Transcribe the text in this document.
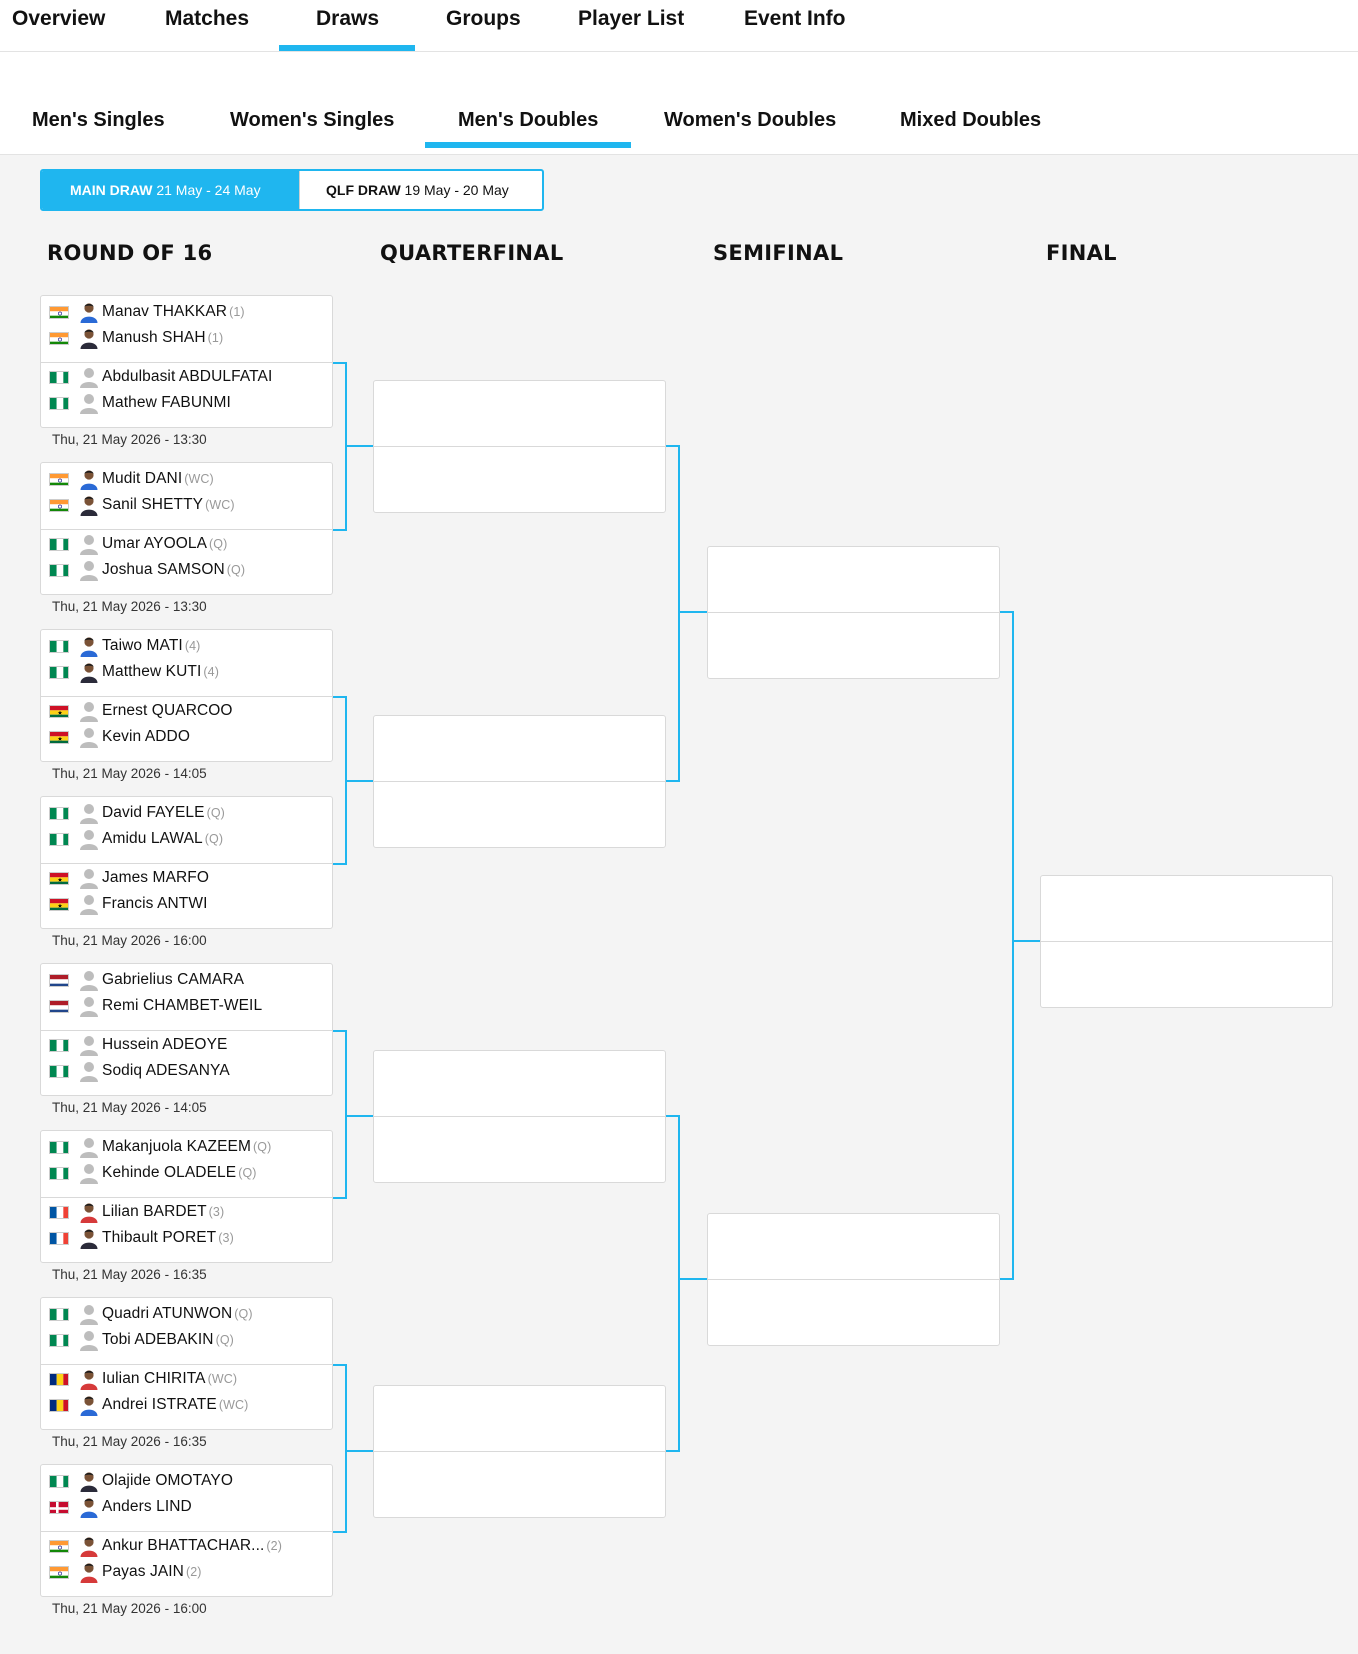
Overview	Matches	Draws	Groups	Player List	Event Info
Men's Singles	Women's Singles	Men's Doubles	Women's Doubles	Mixed Doubles
MAIN DRAW 21 May - 24 May	QLF DRAW 19 May - 20 May
ROUND OF 16	QUARTERFINAL	SEMIFINAL	FINAL
Manav THAKKAR (1)
Manush SHAH (1)
Abdulbasit ABDULFATAI
Mathew FABUNMI
Thu, 21 May 2026 - 13:30
Mudit DANI (WC)
Sanil SHETTY (WC)
Umar AYOOLA (Q)
Joshua SAMSON (Q)
Thu, 21 May 2026 - 13:30
Taiwo MATI (4)
Matthew KUTI (4)
Ernest QUARCOO
Kevin ADDO
Thu, 21 May 2026 - 14:05
David FAYELE (Q)
Amidu LAWAL (Q)
James MARFO
Francis ANTWI
Thu, 21 May 2026 - 16:00
Gabrielius CAMARA
Remi CHAMBET-WEIL
Hussein ADEOYE
Sodiq ADESANYA
Thu, 21 May 2026 - 14:05
Makanjuola KAZEEM (Q)
Kehinde OLADELE (Q)
Lilian BARDET (3)
Thibault PORET (3)
Thu, 21 May 2026 - 16:35
Quadri ATUNWON (Q)
Tobi ADEBAKIN (Q)
Iulian CHIRITA (WC)
Andrei ISTRATE (WC)
Thu, 21 May 2026 - 16:35
Olajide OMOTAYO
Anders LIND
Ankur BHATTACHAR... (2)
Payas JAIN (2)
Thu, 21 May 2026 - 16:00
